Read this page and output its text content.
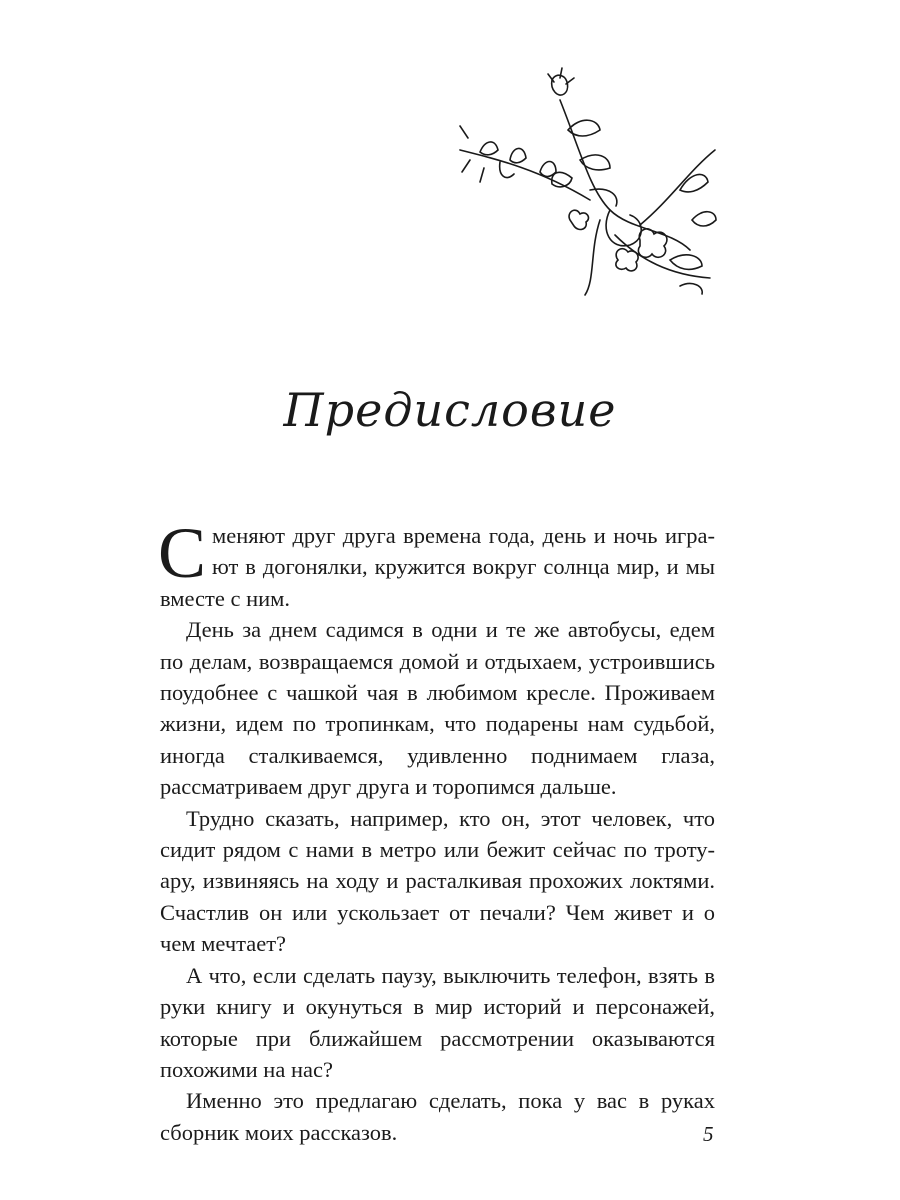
Предисловие

Сменяют друг друга времена года, день и ночь играют в догонялки, кружится вокруг солнца мир, и мы вместе с ним.

День за днем садимся в одни и те же автобусы, едем по делам, возвращаемся домой и отдыхаем, устроившись поудобнее с чашкой чая в любимом кресле. Проживаем жизни, идем по тропинкам, что подарены нам судьбой, иногда сталкиваемся, удивленно поднимаем глаза, рассматриваем друг друга и торопимся дальше.

Трудно сказать, например, кто он, этот человек, что сидит рядом с нами в метро или бежит сейчас по тротуару, извиняясь на ходу и расталкивая прохожих локтями. Счастлив он или ускользает от печали? Чем живет и о чем мечтает?

А что, если сделать паузу, выключить телефон, взять в руки книгу и окунуться в мир историй и персонажей, которые при ближайшем рассмотрении оказываются похожими на нас?

Именно это предлагаю сделать, пока у вас в руках сборник моих рассказов.	5
